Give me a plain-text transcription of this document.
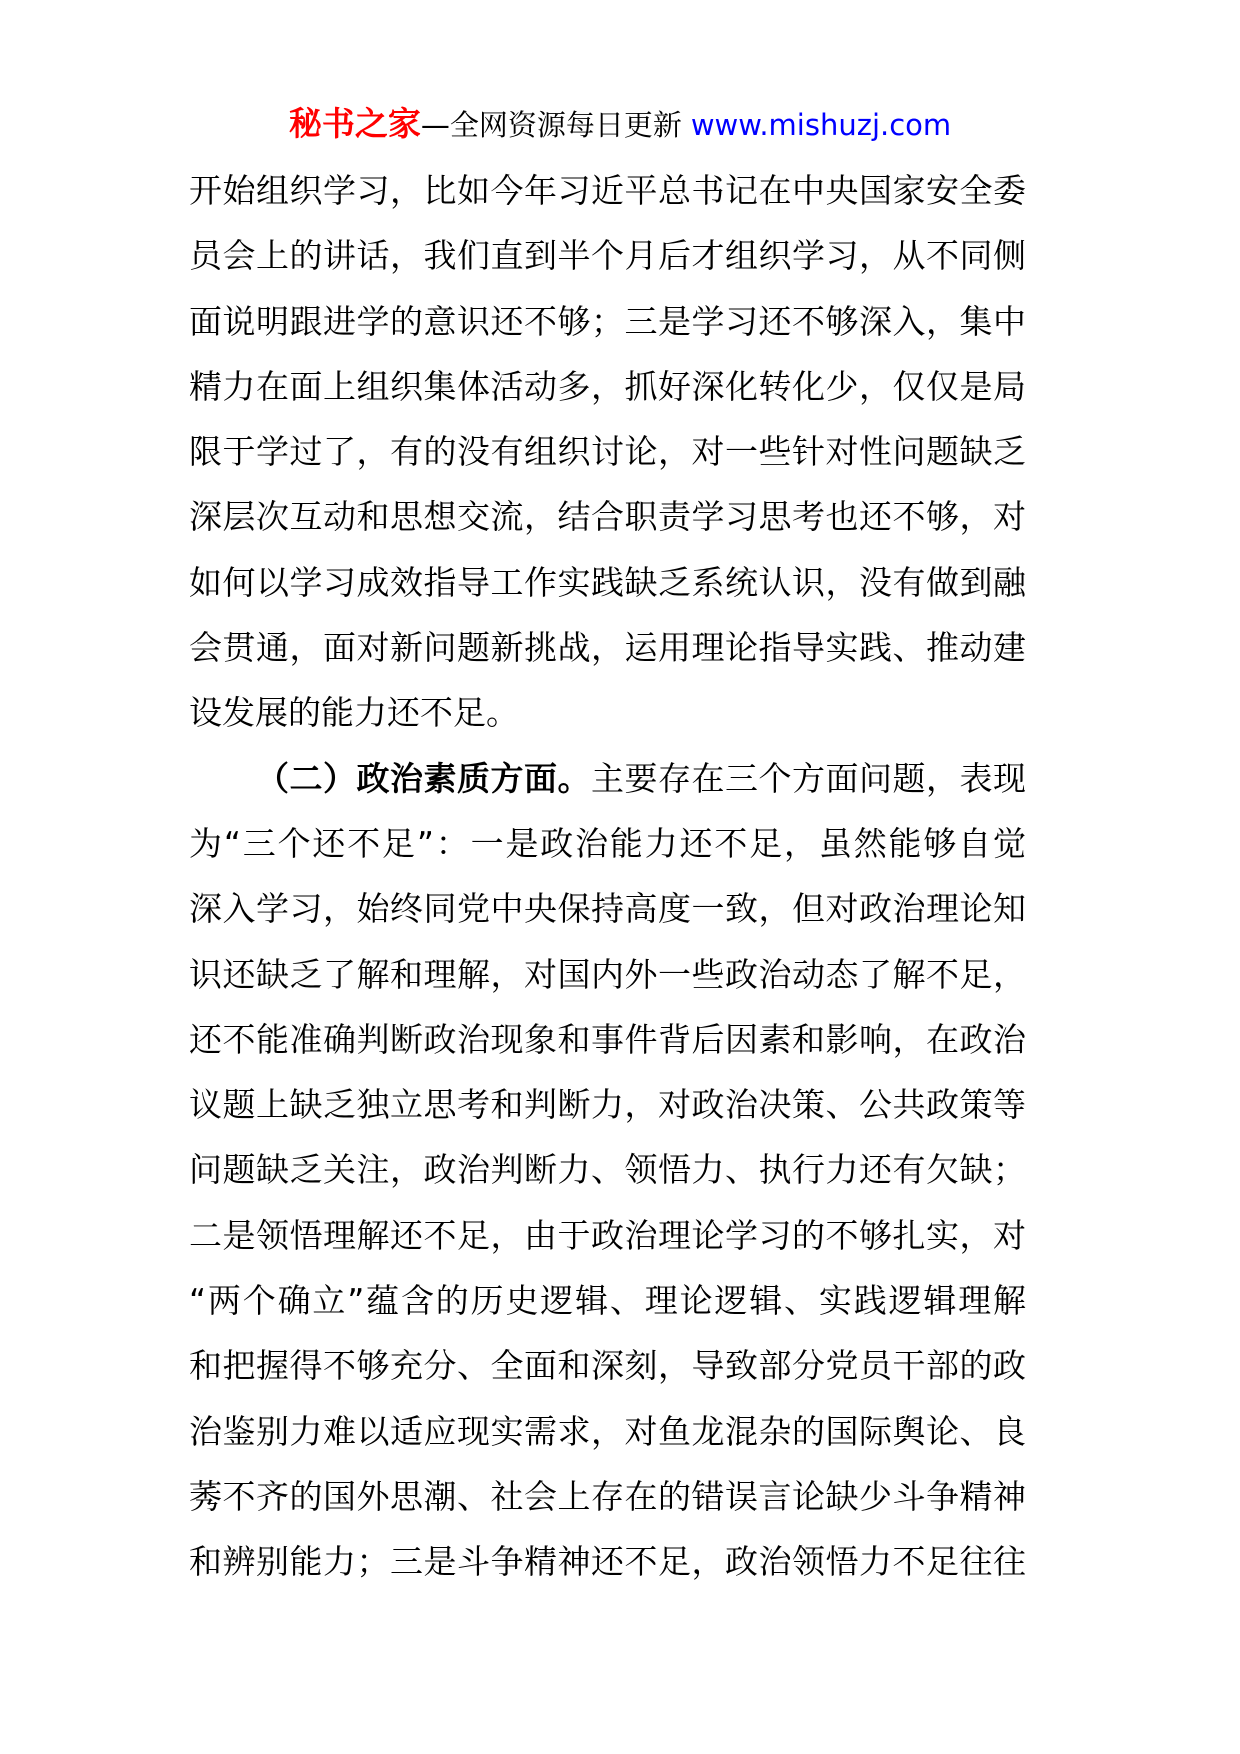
秘书之家—全网资源每日更新 www.mishuzj.com
开始组织学习，比如今年习近平总书记在中央国家安全委
员会上的讲话，我们直到半个月后才组织学习，从不同侧
面说明跟进学的意识还不够；三是学习还不够深入，集中
精力在面上组织集体活动多，抓好深化转化少，仅仅是局
限于学过了，有的没有组织讨论，对一些针对性问题缺乏
深层次互动和思想交流，结合职责学习思考也还不够，对
如何以学习成效指导工作实践缺乏系统认识，没有做到融
会贯通，面对新问题新挑战，运用理论指导实践、推动建
设发展的能力还不足。
（二）政治素质方面。主要存在三个方面问题，表现
为“三个还不足”：一是政治能力还不足，虽然能够自觉
深入学习，始终同党中央保持高度一致，但对政治理论知
识还缺乏了解和理解，对国内外一些政治动态了解不足，
还不能准确判断政治现象和事件背后因素和影响，在政治
议题上缺乏独立思考和判断力，对政治决策、公共政策等
问题缺乏关注，政治判断力、领悟力、执行力还有欠缺；
二是领悟理解还不足，由于政治理论学习的不够扎实，对
“两个确立”蕴含的历史逻辑、理论逻辑、实践逻辑理解
和把握得不够充分、全面和深刻，导致部分党员干部的政
治鉴别力难以适应现实需求，对鱼龙混杂的国际舆论、良
莠不齐的国外思潮、社会上存在的错误言论缺少斗争精神
和辨别能力；三是斗争精神还不足，政治领悟力不足往往
